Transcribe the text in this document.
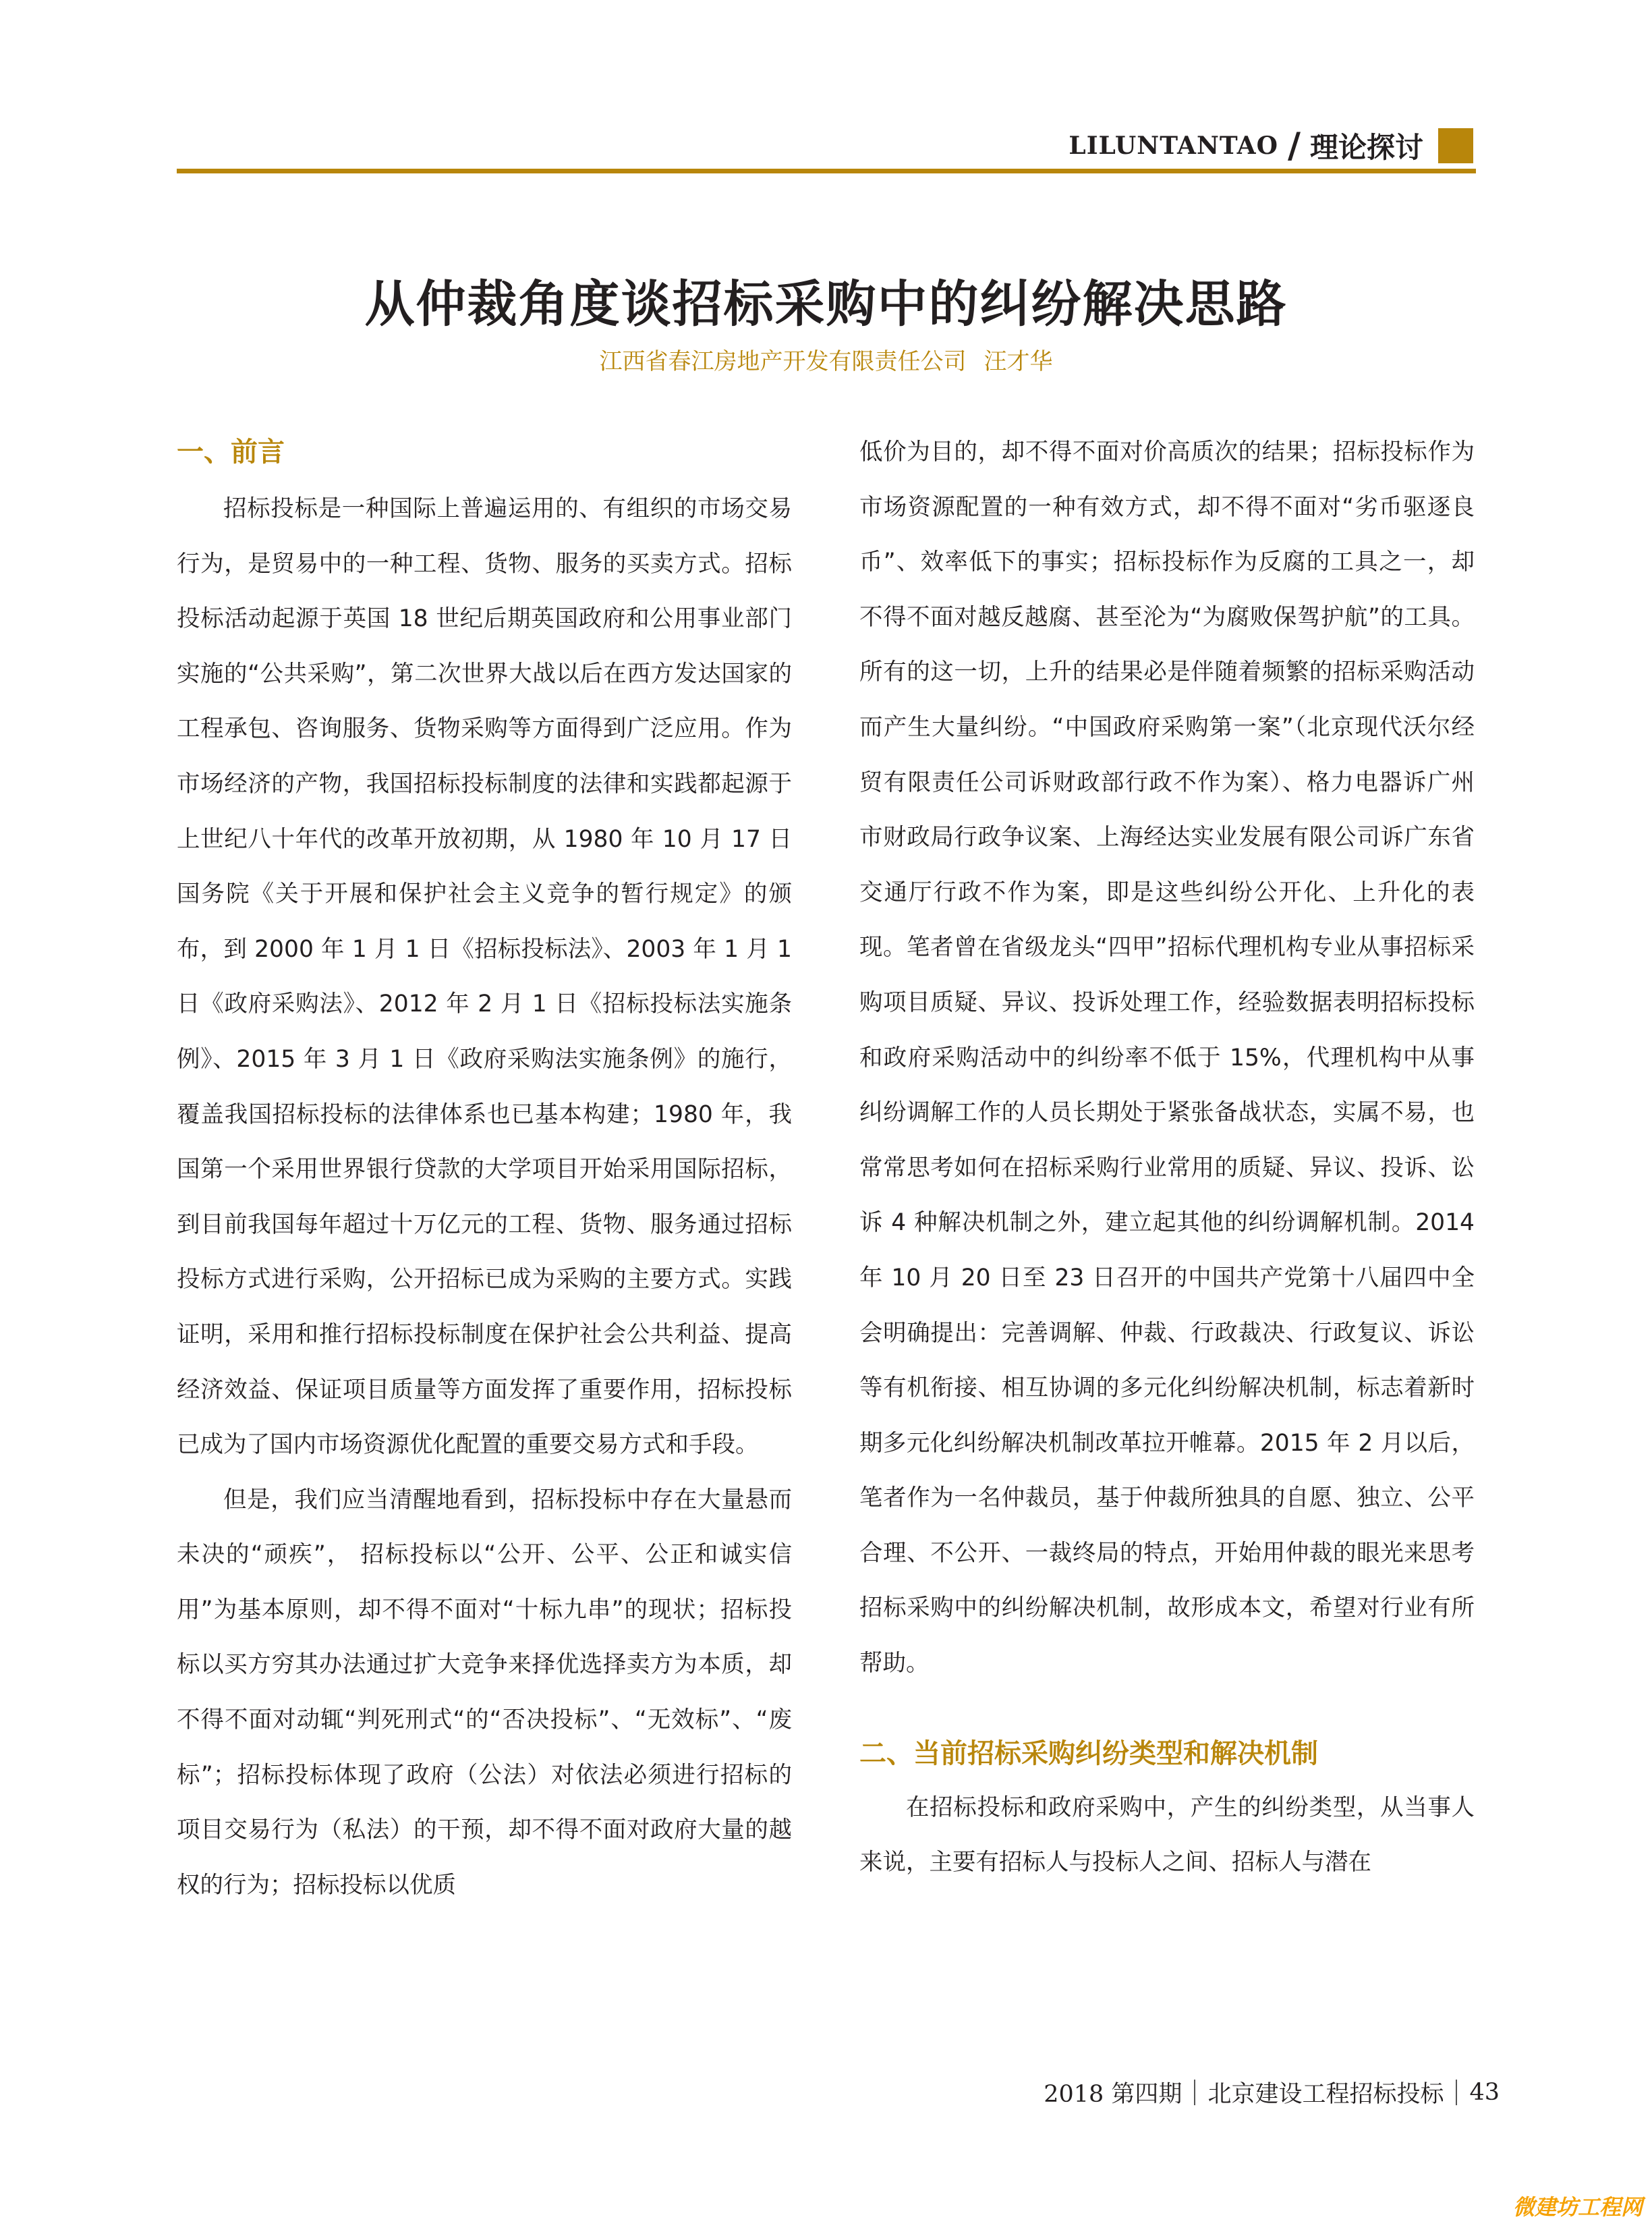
LILUNTANTAO / 理论探讨
从仲裁角度谈招标采购中的纠纷解决思路
江西省春江房地产开发有限责任公司 汪才华
一、前言

招标投标是一种国际上普遍运用的、有组织的市场交易行为，是贸易中的一种工程、货物、服务的买卖方式。招标投标活动起源于英国 18 世纪后期英国政府和公用事业部门实施的“公共采购”，第二次世界大战以后在西方发达国家的工程承包、咨询服务、货物采购等方面得到广泛应用。作为市场经济的产物，我国招标投标制度的法律和实践都起源于上世纪八十年代的改革开放初期，从 1980 年 10 月 17 日国务院《关于开展和保护社会主义竞争的暂行规定》的颁布，到 2000 年 1 月 1 日《招标投标法》、2003 年 1 月 1 日《政府采购法》、2012 年 2 月 1 日《招标投标法实施条例》、2015 年 3 月 1 日《政府采购法实施条例》的施行，覆盖我国招标投标的法律体系也已基本构建；1980 年，我国第一个采用世界银行贷款的大学项目开始采用国际招标，到目前我国每年超过十万亿元的工程、货物、服务通过招标投标方式进行采购，公开招标已成为采购的主要方式。实践证明，采用和推行招标投标制度在保护社会公共利益、提高经济效益、保证项目质量等方面发挥了重要作用，招标投标已成为了国内市场资源优化配置的重要交易方式和手段。

但是，我们应当清醒地看到，招标投标中存在大量悬而未决的“顽疾”， 招标投标以“公开、公平、公正和诚实信用”为基本原则，却不得不面对“十标九串”的现状；招标投标以买方穷其办法通过扩大竞争来择优选择卖方为本质，却不得不面对动辄“判死刑式“的“否决投标”、“无效标”、“废标”；招标投标体现了政府（公法）对依法必须进行招标的项目交易行为（私法）的干预，却不得不面对政府大量的越权的行为；招标投标以优质

低价为目的，却不得不面对价高质次的结果；招标投标作为市场资源配置的一种有效方式，却不得不面对“劣币驱逐良币”、效率低下的事实；招标投标作为反腐的工具之一，却不得不面对越反越腐、甚至沦为“为腐败保驾护航”的工具。所有的这一切，上升的结果必是伴随着频繁的招标采购活动而产生大量纠纷。“中国政府采购第一案”（北京现代沃尔经贸有限责任公司诉财政部行政不作为案）、格力电器诉广州市财政局行政争议案、上海经达实业发展有限公司诉广东省交通厅行政不作为案，即是这些纠纷公开化、上升化的表现。笔者曾在省级龙头“四甲”招标代理机构专业从事招标采购项目质疑、异议、投诉处理工作，经验数据表明招标投标和政府采购活动中的纠纷率不低于 15%，代理机构中从事纠纷调解工作的人员长期处于紧张备战状态，实属不易，也常常思考如何在招标采购行业常用的质疑、异议、投诉、讼诉 4 种解决机制之外，建立起其他的纠纷调解机制。2014 年 10 月 20 日至 23 日召开的中国共产党第十八届四中全会明确提出：完善调解、仲裁、行政裁决、行政复议、诉讼等有机衔接、相互协调的多元化纠纷解决机制，标志着新时期多元化纠纷解决机制改革拉开帷幕。2015 年 2 月以后，笔者作为一名仲裁员，基于仲裁所独具的自愿、独立、公平合理、不公开、一裁终局的特点，开始用仲裁的眼光来思考招标采购中的纠纷解决机制，故形成本文，希望对行业有所帮助。

二、当前招标采购纠纷类型和解决机制

在招标投标和政府采购中，产生的纠纷类型，从当事人来说，主要有招标人与投标人之间、招标人与潜在

2018 第四期 北京建设工程招标投标 43
微建坊工程网
